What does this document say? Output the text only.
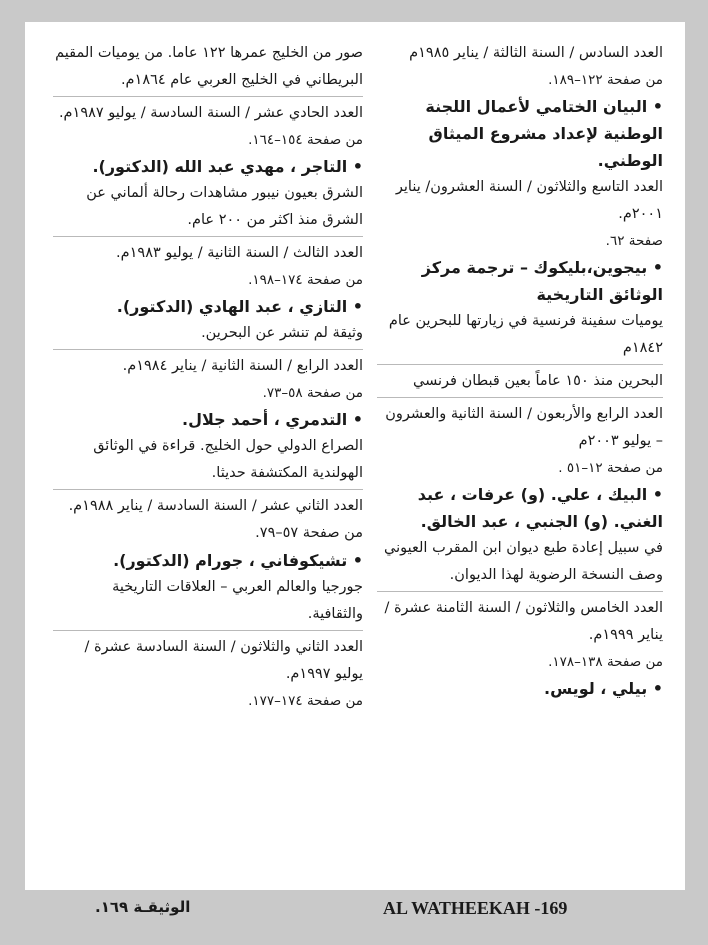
العدد السادس / السنة الثالثة / يناير ١٩٨٥م

من صفحة ١٢٢–١٨٩.

• البيان الختامي لأعمال اللجنة الوطنية لإعداد مشروع الميثاق الوطني.

العدد التاسع والثلاثون / السنة العشرون/ يناير ٢٠٠١م.

صفحة ٦٢.

• بيجوين،بليكوك – ترجمة مركز الوثائق التاريخية

يوميات سفينة فرنسية في زيارتها للبحرين عام ١٨٤٢م

البحرين منذ ١٥٠ عاماً بعين قبطان فرنسي

العدد الرابع والأربعون / السنة الثانية والعشرون – يوليو ٢٠٠٣م

من صفحة ١٢–٥١ .

• البيك ، علي. (و) عرفات ، عبد الغني. (و) الجنبي ، عبد الخالق.

في سبيل إعادة طبع ديوان ابن المقرب العيوني وصف النسخة الرضوية لهذا الديوان.

العدد الخامس والثلاثون / السنة الثامنة عشرة / يناير ١٩٩٩م.

من صفحة ١٣٨–١٧٨.

• بيلي ، لويس.

صور من الخليج عمرها ١٢٢ عاما. من يوميات المقيم البريطاني في الخليج العربي عام ١٨٦٤م.

العدد الحادي عشر / السنة السادسة / يوليو ١٩٨٧م.

من صفحة ١٥٤–١٦٤.

• التاجر ، مهدي عبد الله (الدكتور).

الشرق بعيون نيبور مشاهدات رحالة ألماني عن الشرق منذ اكثر من ٢٠٠ عام.

العدد الثالث / السنة الثانية / يوليو ١٩٨٣م.

من صفحة ١٧٤–١٩٨.

• التازي ، عبد الهادي (الدكتور).

وثيقة لم تنشر عن البحرين.

العدد الرابع / السنة الثانية / يناير ١٩٨٤م.

من صفحة ٥٨–٧٣.

• التدمري ، أحمد جلال.

الصراع الدولي حول الخليج. قراءة في الوثائق الهولندية المكتشفة حديثا.

العدد الثاني عشر / السنة السادسة / يناير ١٩٨٨م. من صفحة ٥٧–٧٩.

• تشيكوفاني ، جورام (الدكتور).

جورجيا والعالم العربي – العلاقات التاريخية والثقافية.

العدد الثاني والثلاثون / السنة السادسة عشرة / يوليو ١٩٩٧م.

من صفحة ١٧٤–١٧٧.

الوثيقـة ١٦٩.	AL WATHEEKAH -169
